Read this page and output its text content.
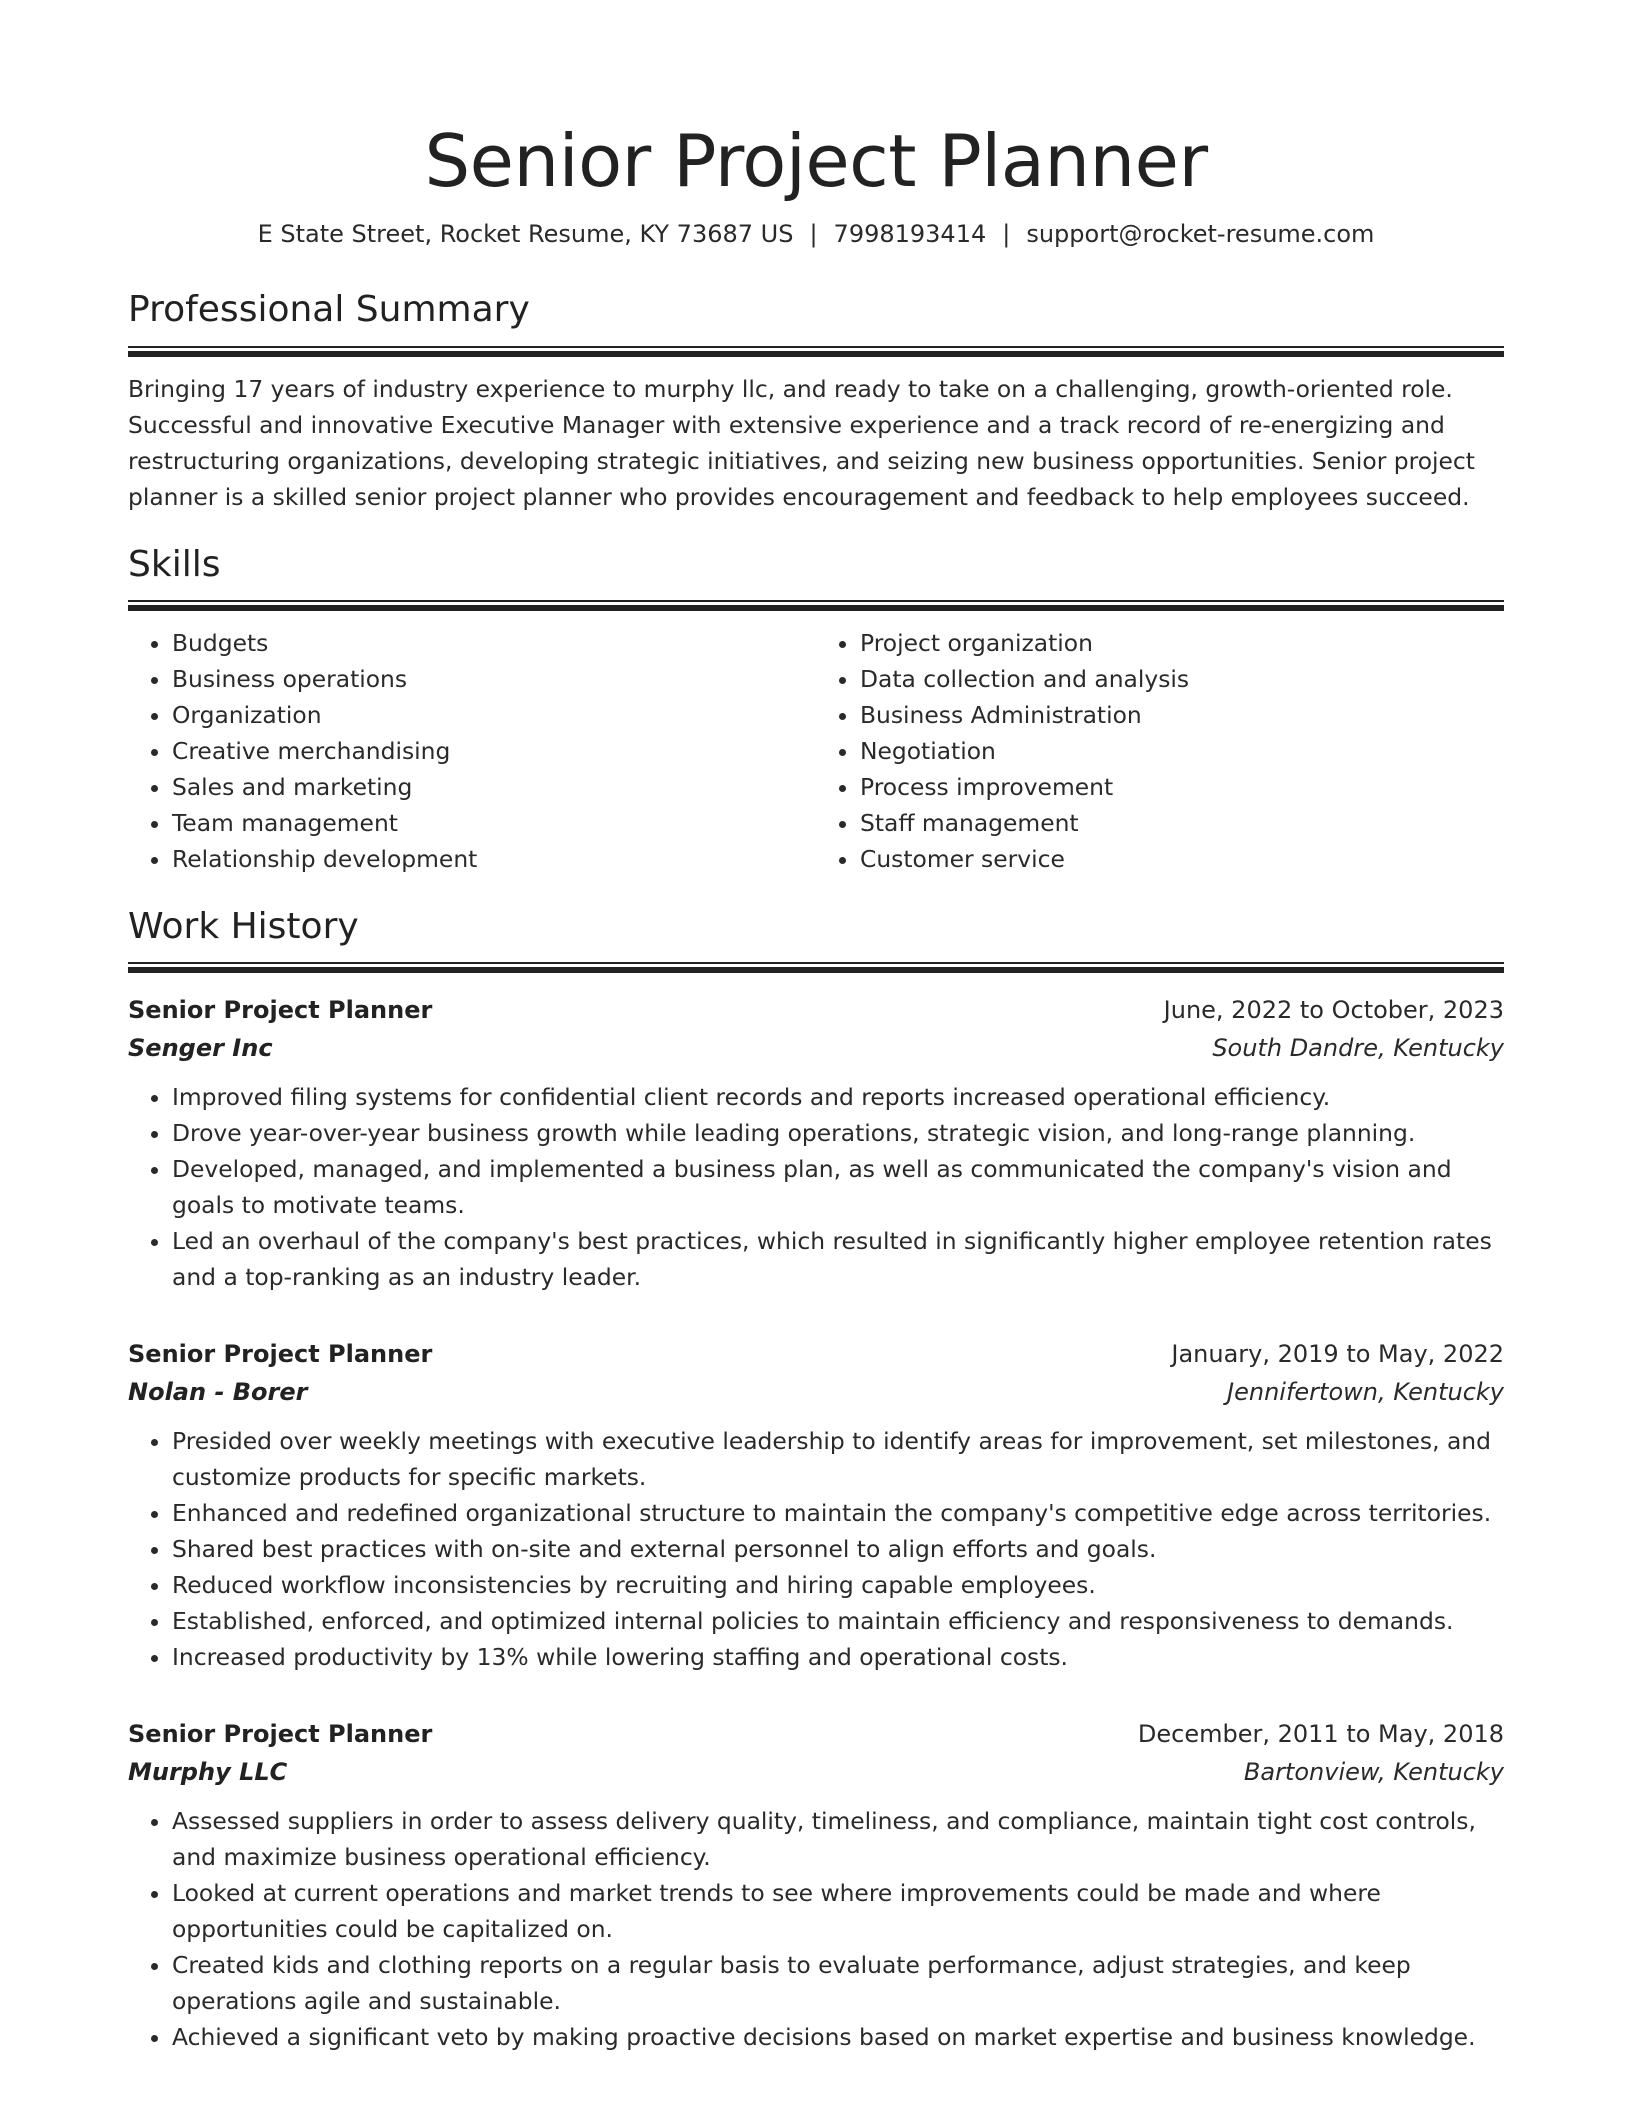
Senior Project Planner
E State Street, Rocket Resume, KY 73687 US | 7998193414 | support@rocket-resume.com
Professional Summary

Bringing 17 years of industry experience to murphy llc, and ready to take on a challenging, growth-oriented role. Successful and innovative Executive Manager with extensive experience and a track record of re-energizing and restructuring organizations, developing strategic initiatives, and seizing new business opportunities. Senior project planner is a skilled senior project planner who provides encouragement and feedback to help employees succeed.

Skills
• Budgets
• Business operations
• Organization
• Creative merchandising
• Sales and marketing
• Team management
• Relationship development
• Project organization
• Data collection and analysis
• Business Administration
• Negotiation
• Process improvement
• Staff management
• Customer service
Work History
Senior Project Planner	June, 2022 to October, 2023
Senger Inc	South Dandre, Kentucky
• Improved filing systems for confidential client records and reports increased operational efficiency.
• Drove year-over-year business growth while leading operations, strategic vision, and long-range planning.
• Developed, managed, and implemented a business plan, as well as communicated the company's vision and goals to motivate teams.
• Led an overhaul of the company's best practices, which resulted in significantly higher employee retention rates and a top-ranking as an industry leader.
Senior Project Planner	January, 2019 to May, 2022
Nolan - Borer	Jennifertown, Kentucky
• Presided over weekly meetings with executive leadership to identify areas for improvement, set milestones, and customize products for specific markets.
• Enhanced and redefined organizational structure to maintain the company's competitive edge across territories.
• Shared best practices with on-site and external personnel to align efforts and goals.
• Reduced workflow inconsistencies by recruiting and hiring capable employees.
• Established, enforced, and optimized internal policies to maintain efficiency and responsiveness to demands.
• Increased productivity by 13% while lowering staffing and operational costs.
Senior Project Planner	December, 2011 to May, 2018
Murphy LLC	Bartonview, Kentucky
• Assessed suppliers in order to assess delivery quality, timeliness, and compliance, maintain tight cost controls, and maximize business operational efficiency.
• Looked at current operations and market trends to see where improvements could be made and where opportunities could be capitalized on.
• Created kids and clothing reports on a regular basis to evaluate performance, adjust strategies, and keep operations agile and sustainable.
• Achieved a significant veto by making proactive decisions based on market expertise and business knowledge.
